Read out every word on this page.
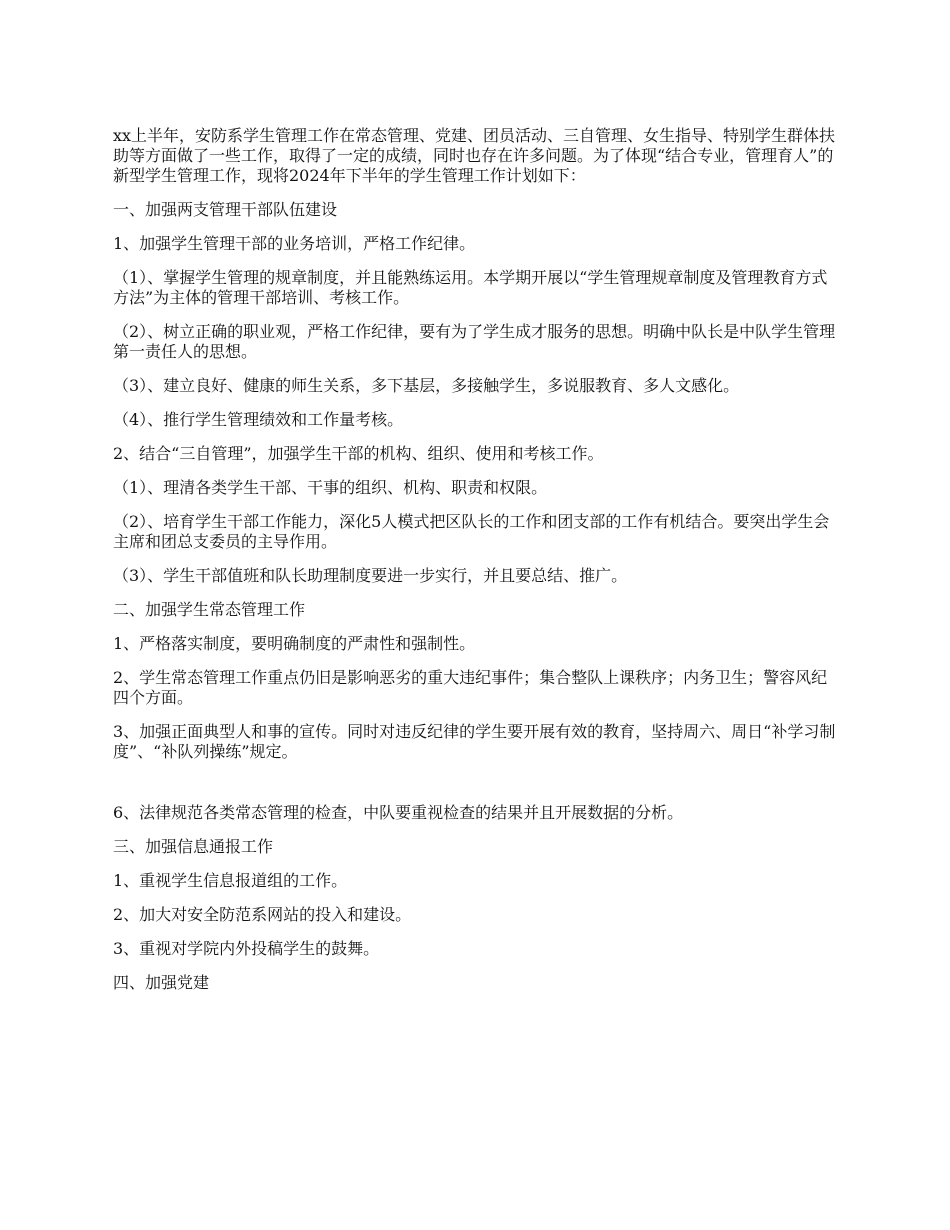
xx上半年，安防系学生管理工作在常态管理、党建、团员活动、三自管理、女生指导、特别学生群体扶助等方面做了一些工作，取得了一定的成绩，同时也存在许多问题。为了体现“结合专业，管理育人”的新型学生管理工作，现将2024年下半年的学生管理工作计划如下：

一、加强两支管理干部队伍建设

1、加强学生管理干部的业务培训，严格工作纪律。

（1）、掌握学生管理的规章制度，并且能熟练运用。本学期开展以“学生管理规章制度及管理教育方式方法”为主体的管理干部培训、考核工作。

（2）、树立正确的职业观，严格工作纪律，要有为了学生成才服务的思想。明确中队长是中队学生管理第一责任人的思想。

（3）、建立良好、健康的师生关系，多下基层，多接触学生，多说服教育、多人文感化。

（4）、推行学生管理绩效和工作量考核。

2、结合“三自管理”，加强学生干部的机构、组织、使用和考核工作。

（1）、理清各类学生干部、干事的组织、机构、职责和权限。

（2）、培育学生干部工作能力，深化5人模式把区队长的工作和团支部的工作有机结合。要突出学生会主席和团总支委员的主导作用。

（3）、学生干部值班和队长助理制度要进一步实行，并且要总结、推广。

二、加强学生常态管理工作

1、严格落实制度，要明确制度的严肃性和强制性。

2、学生常态管理工作重点仍旧是影响恶劣的重大违纪事件；集合整队上课秩序；内务卫生；警容风纪四个方面。

3、加强正面典型人和事的宣传。同时对违反纪律的学生要开展有效的教育，坚持周六、周日“补学习制度”、“补队列操练”规定。

6、法律规范各类常态管理的检查，中队要重视检查的结果并且开展数据的分析。

三、加强信息通报工作

1、重视学生信息报道组的工作。

2、加大对安全防范系网站的投入和建设。

3、重视对学院内外投稿学生的鼓舞。

四、加强党建
